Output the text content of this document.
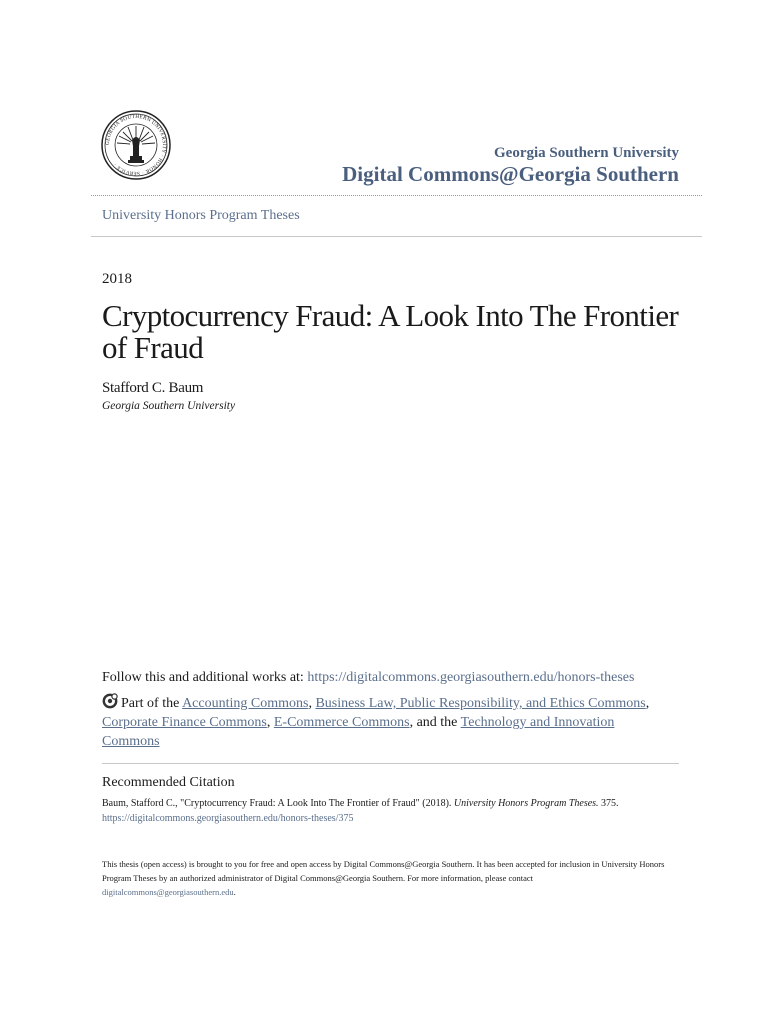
GEORGIA SOUTHERN UNIVERSITY · HONOR · SERVICE ·
Georgia Southern University
Digital Commons@Georgia Southern
University Honors Program Theses
2018
Cryptocurrency Fraud: A Look Into The Frontier of Fraud
Stafford C. Baum
Georgia Southern University
Follow this and additional works at: https://digitalcommons.georgiasouthern.edu/honors-theses
Part of the Accounting Commons, Business Law, Public Responsibility, and Ethics Commons, Corporate Finance Commons, E-Commerce Commons, and the Technology and Innovation Commons
Recommended Citation
Baum, Stafford C., "Cryptocurrency Fraud: A Look Into The Frontier of Fraud" (2018). University Honors Program Theses. 375.
https://digitalcommons.georgiasouthern.edu/honors-theses/375
This thesis (open access) is brought to you for free and open access by Digital Commons@Georgia Southern. It has been accepted for inclusion in University Honors Program Theses by an authorized administrator of Digital Commons@Georgia Southern. For more information, please contact
digitalcommons@georgiasouthern.edu.
